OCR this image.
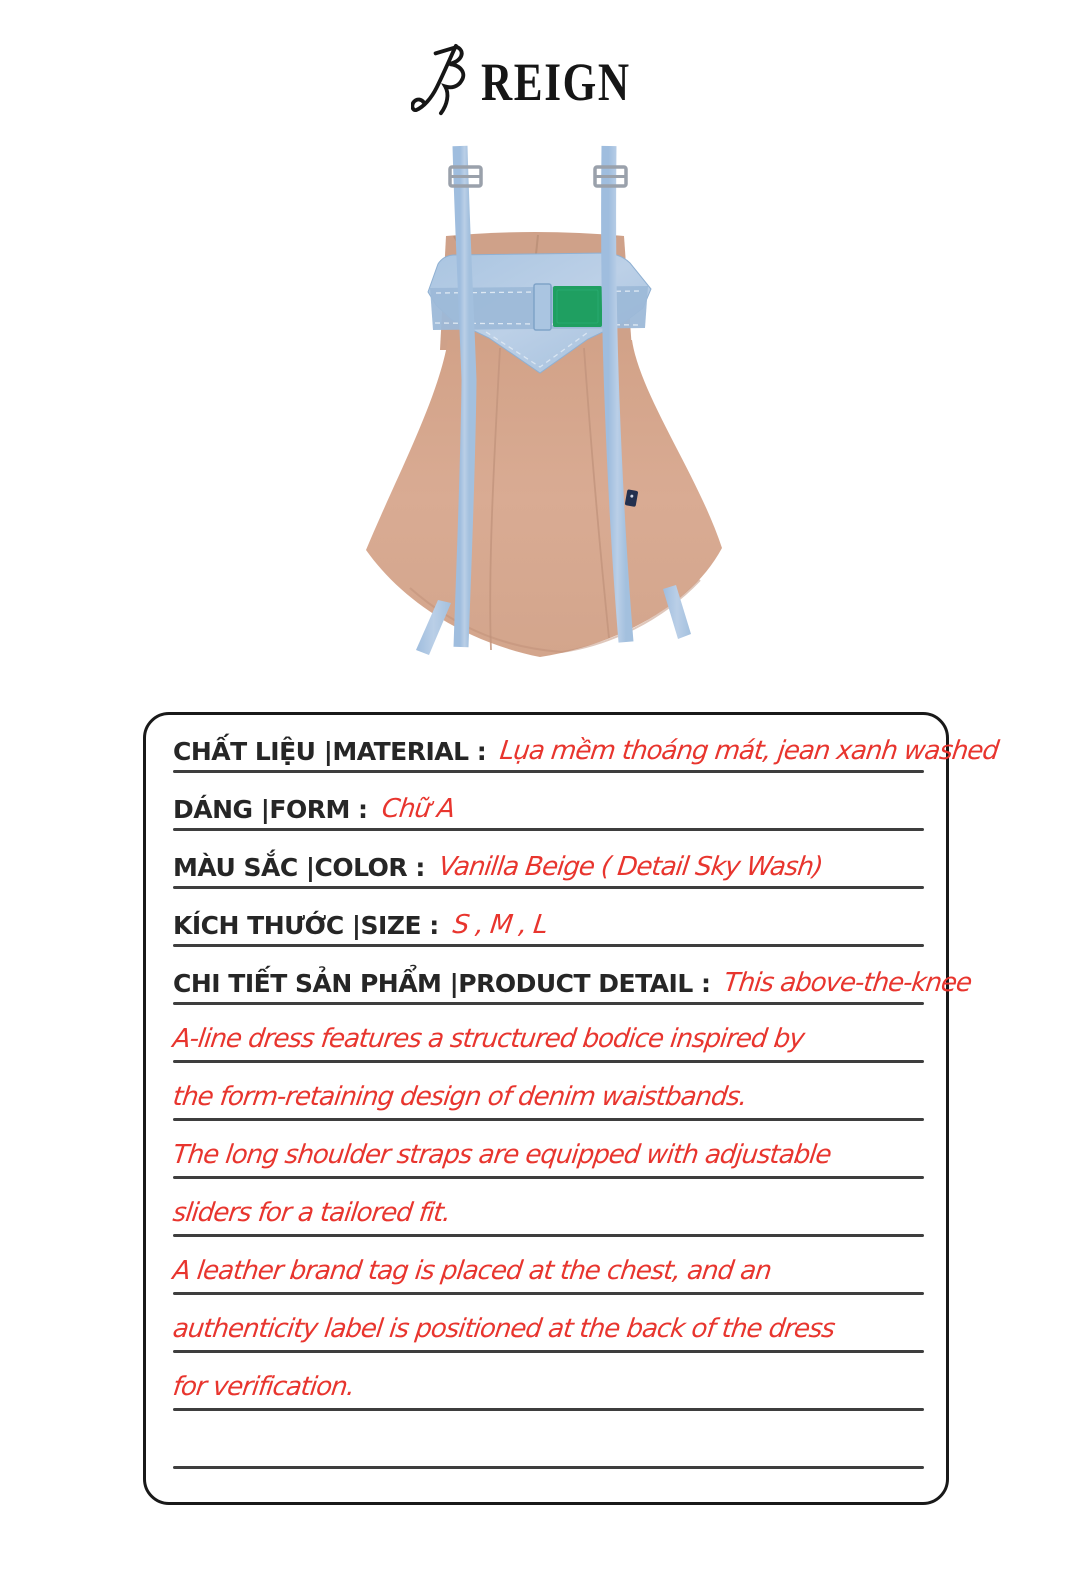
REIGN
CHẤT LIỆU |MATERIAL : Lụa mềm thoáng mát, jean xanh washed
DÁNG |FORM : Chữ A
MÀU SẮC |COLOR : Vanilla Beige ( Detail Sky Wash)
KÍCH THƯỚC |SIZE : S , M , L
CHI TIẾT SẢN PHẨM |PRODUCT DETAIL : This above-the-knee
A-line dress features a structured bodice inspired by
the form-retaining design of denim waistbands.
The long shoulder straps are equipped with adjustable
sliders for a tailored fit.
A leather brand tag is placed at the chest, and an
authenticity label is positioned at the back of the dress
for verification.
